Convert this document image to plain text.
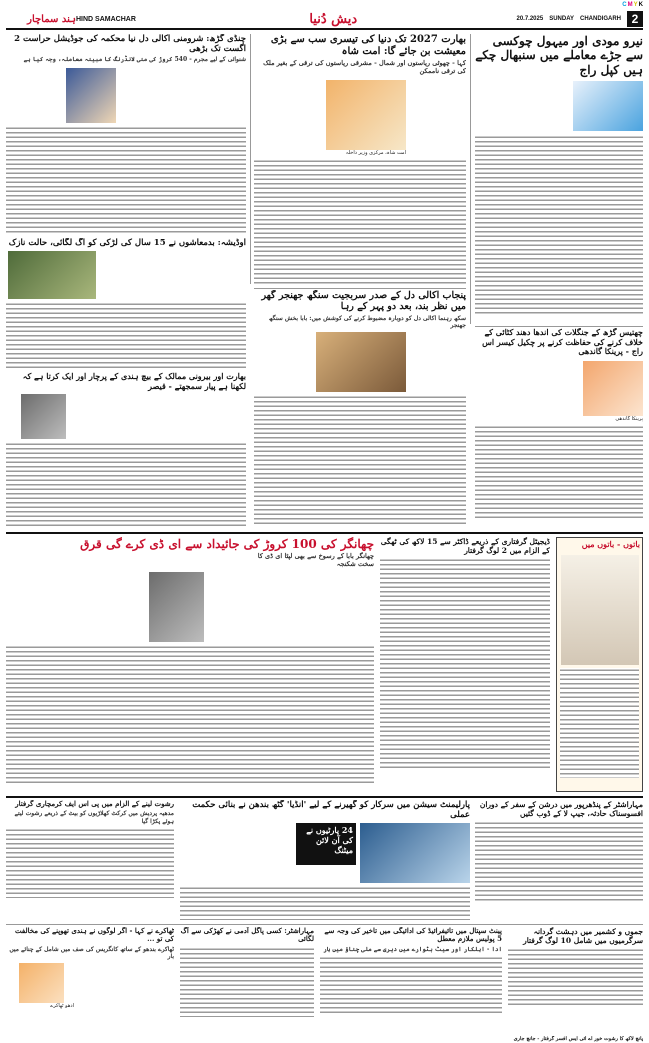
CMYK
ہند سماچار HIND SAMACHAR	دیش دُنیا	20.7.2025 SUNDAY CHANDIGARH 2
نیرو مودی اور میہول چوکسی سے جڑے معاملے میں سنبھال چکے ہیں کپل راج
بھارت 2027 تک دنیا کی تیسری سب سے بڑی معیشت بن جائے گا: امت شاہ
کہا - چھوٹی ریاستوں اور شمال - مشرقی ریاستوں کی ترقی کے بغیر ملک کی ترقی ناممکن
امت شاہ، مرکزی وزیر داخلہ
چنڈی گڑھ: شرومنی اکالی دل نیا محکمہ کی جوڈیشل حراست 2 اگست تک بڑھی
شنوائی کے لیے مجرم - 540 کروڑ کی منی لانڈرنگ کا مبینہ معاملہ، وجہ کیا ہے
اوڈیشہ: بدمعاشوں نے 15 سال کی لڑکی کو آگ لگائی، حالت نازک
پنجاب اکالی دل کے صدر سربجیت سنگھ جھنجر گھر میں نظر بند، بعد دو پہر کے رہا
سکھ رہنما اکالی دل کو دوبارہ مضبوط کرنے کی کوشش میں: بابا بخش سنگھ جھنجر
چھتیس گڑھ کے جنگلات کی اندھا دھند کٹائی کے خلاف کرنے کی حفاظت کرنے پر چکیل کیسر اس راج - پرینکا گاندھی
پرینکا گاندھی
بھارت اور بیرونی ممالک کے بیچ ہندی کے پرچار اور ایک کرتا ہے کہ لکھنا ہے پیار سمجھتے - قیصر
چھانگر کی 100 کروڑ کی جائیداد سے ای ڈی کرے گی قرق
چھانگر بابا کے رسوخ سے بھی لپٹا ای ڈی کا سخت شکنجہ
ڈیجیٹل گرفتاری کے ذریعے ڈاکٹر سے 15 لاکھ کی ٹھگی کے الزام میں 2 لوگ گرفتار
باتوں - باتوں میں
مہاراشٹر کے پنڈھرپور میں درشن کے سفر کے دوران افسوسناک حادثہ، جیپ لا کے ڈوب گئیں
پارلیمنٹ سیشن میں سرکار کو گھیرنے کے لیے 'انڈیا' گٹھ بندھن نے بنائی حکمت عملی
24 پارٹیوں نے کی آن لائن میٹنگ
رشوت لینے کے الزام میں پی اس ایف کرمچاری گرفتار
مدھیہ پردیش میں کرکٹ کھلاڑیوں کو بیٹ کے ذریعے رشوت لیتے ہوئے پکڑا گیا
جموں و کشمیر میں دہشت گردانہ سرگرمیوں میں شامل 10 لوگ گرفتار
پینٹ سپتال میں تائیفرائیڈ کی ادائیگی میں تاخیر کی وجہ سے 5 پولیس ملازم معطل
ادا - اہلکار اور سیٹ بٹوارے میں دیری سے ملی چناؤ میں ہار
مہاراشٹر: کسی پاگل آدمی نے کھڑکی سے آگ لگائی
ٹھاکرے نے کہا - اگر لوگوں نے ہندی تھوپنے کی مخالفت کی تو ...
ٹھاکرے بندھو کے ساتھ کانگریس کی صف میں شامل کے چنائے میں بار
ادھو ٹھاکرے
پانچ لاکھ کا رشوت خور اے آئی ایس افسر گرفتار - جانچ جاری
